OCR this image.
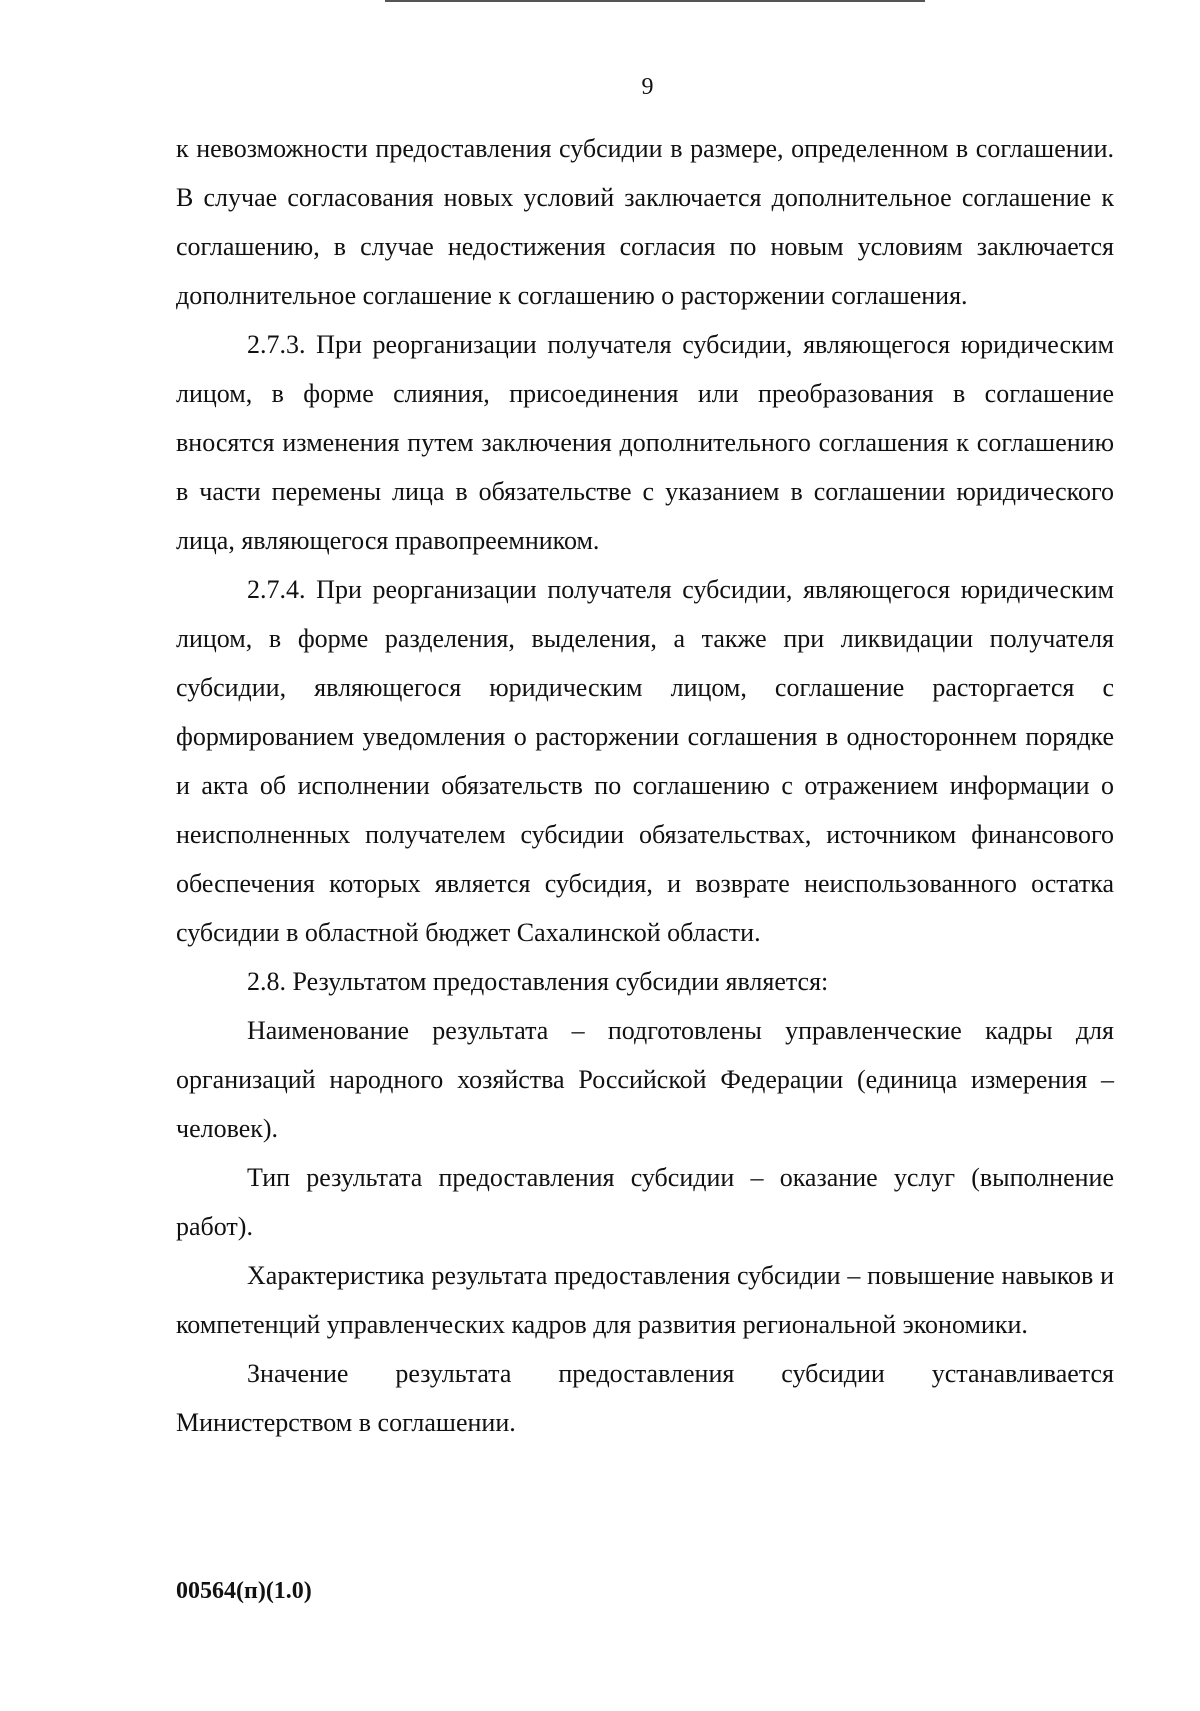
9

к невозможности предоставления субсидии в размере, определенном в соглашении. В случае согласования новых условий заключается дополнительное соглашение к соглашению, в случае недостижения согласия по новым условиям заключается дополнительное соглашение к соглашению о расторжении соглашения.

2.7.3. При реорганизации получателя субсидии, являющегося юридическим лицом, в форме слияния, присоединения или преобразования в соглашение вносятся изменения путем заключения дополнительного соглашения к соглашению в части перемены лица в обязательстве с указанием в соглашении юридического лица, являющегося правопреемником.

2.7.4. При реорганизации получателя субсидии, являющегося юридическим лицом, в форме разделения, выделения, а также при ликвидации получателя субсидии, являющегося юридическим лицом, соглашение расторгается с формированием уведомления о расторжении соглашения в одностороннем порядке и акта об исполнении обязательств по соглашению с отражением информации о неисполненных получателем субсидии обязательствах, источником финансового обеспечения которых является субсидия, и возврате неиспользованного остатка субсидии в областной бюджет Сахалинской области.

2.8. Результатом предоставления субсидии является:

Наименование результата – подготовлены управленческие кадры для организаций народного хозяйства Российской Федерации (единица измерения – человек).

Тип результата предоставления субсидии – оказание услуг (выполнение работ).

Характеристика результата предоставления субсидии – повышение навыков и компетенций управленческих кадров для развития региональной экономики.

Значение результата предоставления субсидии устанавливается Министерством в соглашении.

00564(п)(1.0)
